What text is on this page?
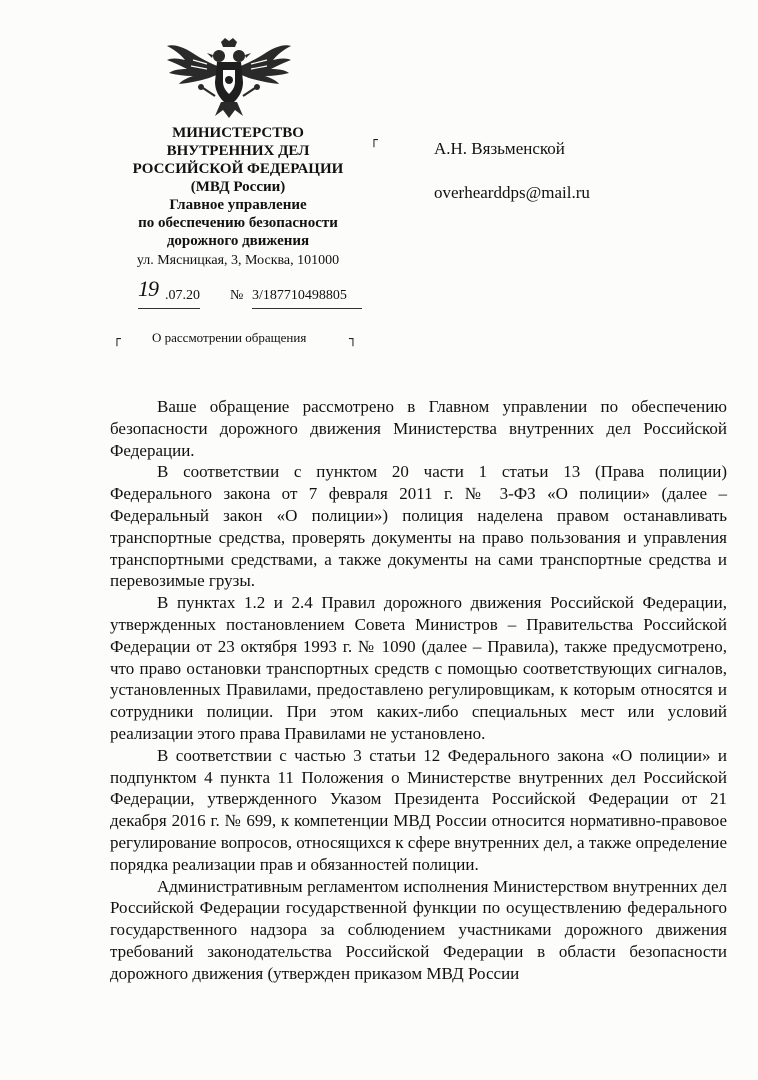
МИНИСТЕРСТВО
ВНУТРЕННИХ ДЕЛ
РОССИЙСКОЙ ФЕДЕРАЦИИ
(МВД России)
Главное управление
по обеспечению безопасности
дорожного движения
ул. Мясницкая, 3, Москва, 101000
┌	А.Н. Вязьменской
overhearddps@mail.ru
19 .07.20 № 3/187710498805
┌ О рассмотрении обращения	┐

Ваше обращение рассмотрено в Главном управлении по обеспечению безопасности дорожного движения Министерства внутренних дел Российской Федерации.

В соответствии с пунктом 20 части 1 статьи 13 (Права полиции) Федерального закона от 7 февраля 2011 г. № 3-ФЗ «О полиции» (далее – Федеральный закон «О полиции») полиция наделена правом останавливать транспортные средства, проверять документы на право пользования и управления транспортными средствами, а также документы на сами транспортные средства и перевозимые грузы.

В пунктах 1.2 и 2.4 Правил дорожного движения Российской Федерации, утвержденных постановлением Совета Министров – Правительства Российской Федерации от 23 октября 1993 г. № 1090 (далее – Правила), также предусмотрено, что право остановки транспортных средств с помощью соответствующих сигналов, установленных Правилами, предоставлено регулировщикам, к которым относятся и сотрудники полиции. При этом каких-либо специальных мест или условий реализации этого права Правилами не установлено.

В соответствии с частью 3 статьи 12 Федерального закона «О полиции» и подпунктом 4 пункта 11 Положения о Министерстве внутренних дел Российской Федерации, утвержденного Указом Президента Российской Федерации от 21 декабря 2016 г. № 699, к компетенции МВД России относится нормативно-правовое регулирование вопросов, относящихся к сфере внутренних дел, а также определение порядка реализации прав и обязанностей полиции.

Административным регламентом исполнения Министерством внутренних дел Российской Федерации государственной функции по осуществлению федерального государственного надзора за соблюдением участниками дорожного движения требований законодательства Российской Федерации в области безопасности дорожного движения (утвержден приказом МВД России
